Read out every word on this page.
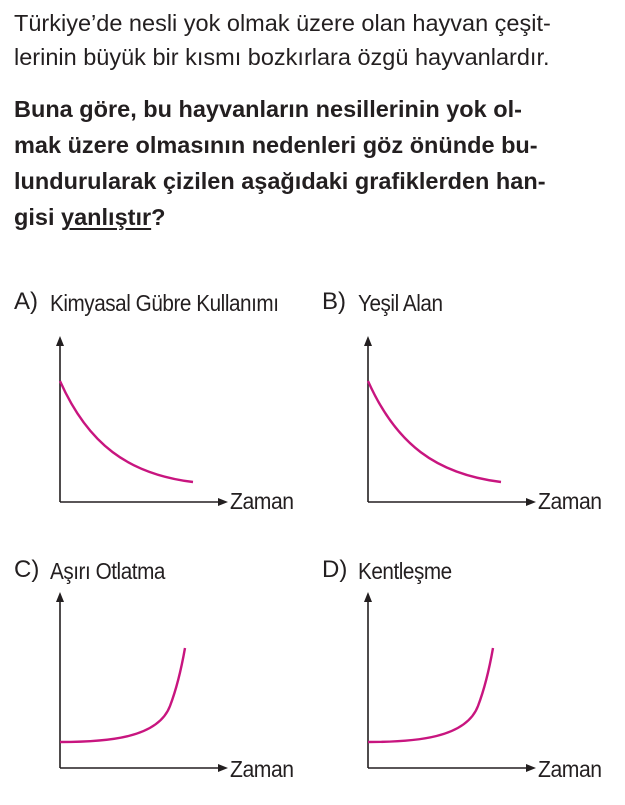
Türkiye’de nesli yok olmak üzere olan hayvan çeşit-
lerinin büyük bir kısmı bozkırlara özgü hayvanlardır.
Buna göre, bu hayvanların nesillerinin yok ol-
mak üzere olmasının nedenleri göz önünde bu-
lundurularak çizilen aşağıdaki grafiklerden han-
gisi yanlıştır?
A) Kimyasal Gübre Kullanımı
Zaman
B) Yeşil Alan
Zaman
C) Aşırı Otlatma
Zaman
D) Kentleşme
Zaman
